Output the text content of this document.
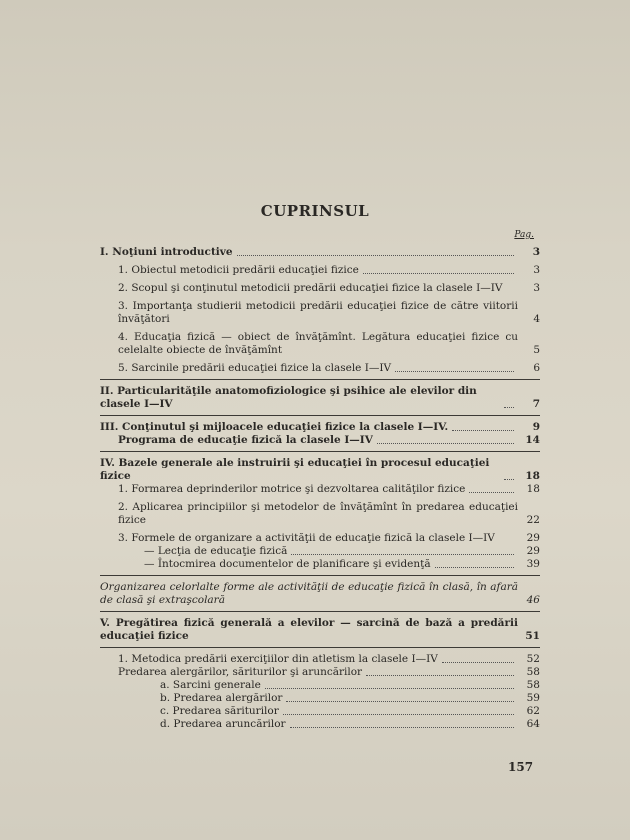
CUPRINSUL
Pag.
I. Noţiuni introductive	3
1. Obiectul metodicii predării educaţiei fizice	3
2. Scopul şi conţinutul metodicii predării educaţiei fizice la clasele I—IV	3
3. Importanţa studierii metodicii predării educaţiei fizice de către viitorii învăţători	4
4. Educaţia fizică — obiect de învăţămînt. Legătura educaţiei fizice cu celelalte obiecte de învăţămînt	5
5. Sarcinile predării educaţiei fizice la clasele I—IV	6
II. Particularităţile anatomofiziologice şi psihice ale elevilor din clasele I—IV	7
III. Conţinutul şi mijloacele educaţiei fizice la clasele I—IV.	9
Programa de educaţie fizică la clasele I—IV	14
IV. Bazele generale ale instruirii şi educaţiei în procesul educaţiei fizice	18
1. Formarea deprinderilor motrice şi dezvoltarea calităţilor fizice	18
2. Aplicarea principiilor şi metodelor de învăţămînt în predarea educaţiei fizice	22
3. Formele de organizare a activităţii de educaţie fizică la clasele I—IV	29
— Lecţia de educaţie fizică	29
— Întocmirea documentelor de planificare şi evidenţă	39
Organizarea celorlalte forme ale activităţii de educaţie fizică în clasă, în afară de clasă şi extraşcolară	46
V. Pregătirea fizică generală a elevilor — sarcină de bază a predării educaţiei fizice	51
1. Metodica predării exerciţiilor din atletism la clasele I—IV	52
Predarea alergărilor, săriturilor şi aruncărilor	58
a. Sarcini generale	58
b. Predarea alergărilor	59
c. Predarea săriturilor	62
d. Predarea aruncărilor	64
157
